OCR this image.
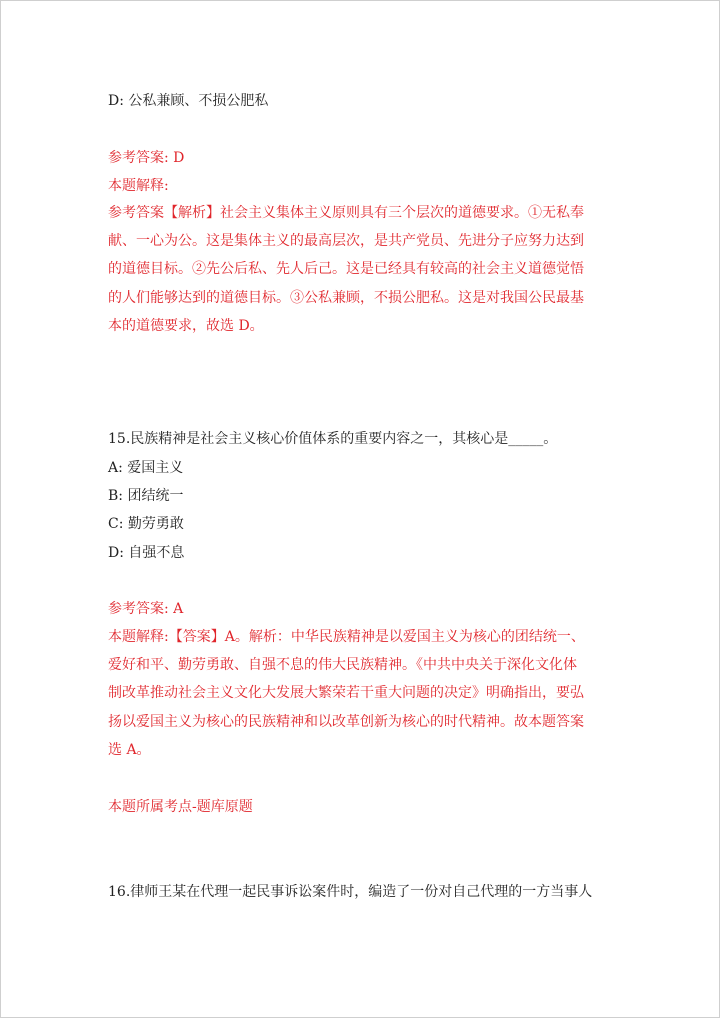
D: 公私兼顾、不损公肥私
参考答案: D
本题解释:
参考答案【解析】社会主义集体主义原则具有三个层次的道德要求。①无私奉
献、一心为公。这是集体主义的最高层次，是共产党员、先进分子应努力达到
的道德目标。②先公后私、先人后己。这是已经具有较高的社会主义道德觉悟
的人们能够达到的道德目标。③公私兼顾，不损公肥私。这是对我国公民最基
本的道德要求，故选 D。
15.民族精神是社会主义核心价值体系的重要内容之一，其核心是_____。
A: 爱国主义
B: 团结统一
C: 勤劳勇敢
D: 自强不息
参考答案: A
本题解释:【答案】A。解析：中华民族精神是以爱国主义为核心的团结统一、
爱好和平、勤劳勇敢、自强不息的伟大民族精神。《中共中央关于深化文化体
制改革推动社会主义文化大发展大繁荣若干重大问题的决定》明确指出，要弘
扬以爱国主义为核心的民族精神和以改革创新为核心的时代精神。故本题答案
选 A。
本题所属考点-题库原题
16.律师王某在代理一起民事诉讼案件时，编造了一份对自己代理的一方当事人
